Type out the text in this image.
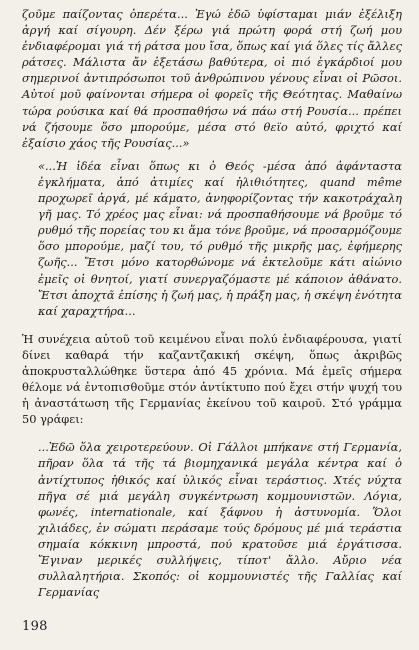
ζοῦμε παίζοντας ὀπερέτα... Ἐγώ ἐδῶ ὑφίσταμαι μιάν ἐξέλιξη ἀργή καί σίγουρη. Δέν ξέρω γιά πρώτη φορά στή ζωή μου ἐνδιαφέρομαι γιά τή ράτσα μου ἴσα, ὅπως καί γιά ὅλες τίς ἄλλες ράτσες. Μάλιστα ἄν ἐξετάσω βαθύτερα, οἱ πιό ἐγκάρδιοί μου σημερινοί ἀντιπρόσωποι τοῦ ἀνθρώπινου γένους εἶναι οἱ Ρῶσοι. Αὐτοί μοῦ φαίνονται σήμερα οἱ φορεῖς τῆς Θεότητας. Μαθαίνω τώρα ρούσικα καί θά προσπαθήσω νά πάω στή Ρουσία... πρέπει νά ζήσουμε ὅσο μπορούμε, μέσα στό θεϊο αὐτό, φριχτό καί ἐξαίσιο χάος τῆς Ρουσίας...»
«...Ἡ ἰδέα εἶναι ὅπως κι ὁ Θεός -μέσα ἀπό ἀφάνταστα ἐγκλήματα, ἀπό ἀτιμίες καί ἠλιθιότητες, quand même προχωρεῖ ἀργά, μέ κάματο, ἀνηφορίζοντας τήν κακοτράχαλη γῆ μας. Τό χρέος μας εἶναι: νά προσπαθήσουμε νά βροῦμε τό ρυθμό τῆς πορείας του κι ἅμα τόνε βροῦμε, νά προσαρμόζουμε ὅσο μπορούμε, μαζί του, τό ρυθμό τῆς μικρῆς μας, ἐφήμερης ζωῆς... Ἔτσι μόνο κατορθώνομε νά ἐκτελοῦμε κάτι αἰώνιο ἐμεῖς οἱ θνητοί, γιατί συνεργαζόμαστε μέ κάποιον ἀθάνατο. Ἔτσι ἀποχτᾶ ἐπίσης ἡ ζωή μας, ἡ πράξη μας, ἡ σκέψη ἑνότητα καί χαραχτήρα...
Ἡ συνέχεια αὐτοῦ τοῦ κειμένου εἶναι πολύ ἐνδιαφέρουσα, γιατί δίνει καθαρά τήν καζαντζακική σκέψη, ὅπως ἀκριβῶς ἀποκρυσταλλώθηκε ὕστερα ἀπό 45 χρόνια. Μά ἐμεῖς σήμερα θέλομε νά ἐντοπισθοῦμε στόν ἀντίκτυπο πού ἔχει στήν ψυχή του ἡ ἀναστάτωση τῆς Γερμανίας ἐκείνου τοῦ καιροῦ. Στό γράμμα 50 γράφει:
...Ἐδῶ ὅλα χειροτερεύουν. Οἱ Γάλλοι μπήκανε στή Γερμανία, πῆραν ὅλα τά τῆς τά βιομηχανικά μεγάλα κέντρα καί ὁ ἀντίχτυπος ἠθικός καί ὑλικός εἶναι τεράστιος. Χτές νύχτα πῆγα σέ μιά μεγάλη συγκέντρωση κομμουνιστῶν. Λόγια, φωνές, internationale, καί ξάφνου ἡ ἀστυνομία. Ὅλοι χιλιάδες, ἐν σώματι περάσαμε τούς δρόμους μέ μιά τεράστια σημαία κόκκινη μπροστά, πού κρατοῦσε μιά ἐργάτισσα. Ἔγιναν μερικές συλλήψεις, τίποτ' ἄλλο. Αὔριο νέα συλλαλητήρια. Σκοπός: οἱ κομμουνιστές τῆς Γαλλίας καί Γερμανίας
198
